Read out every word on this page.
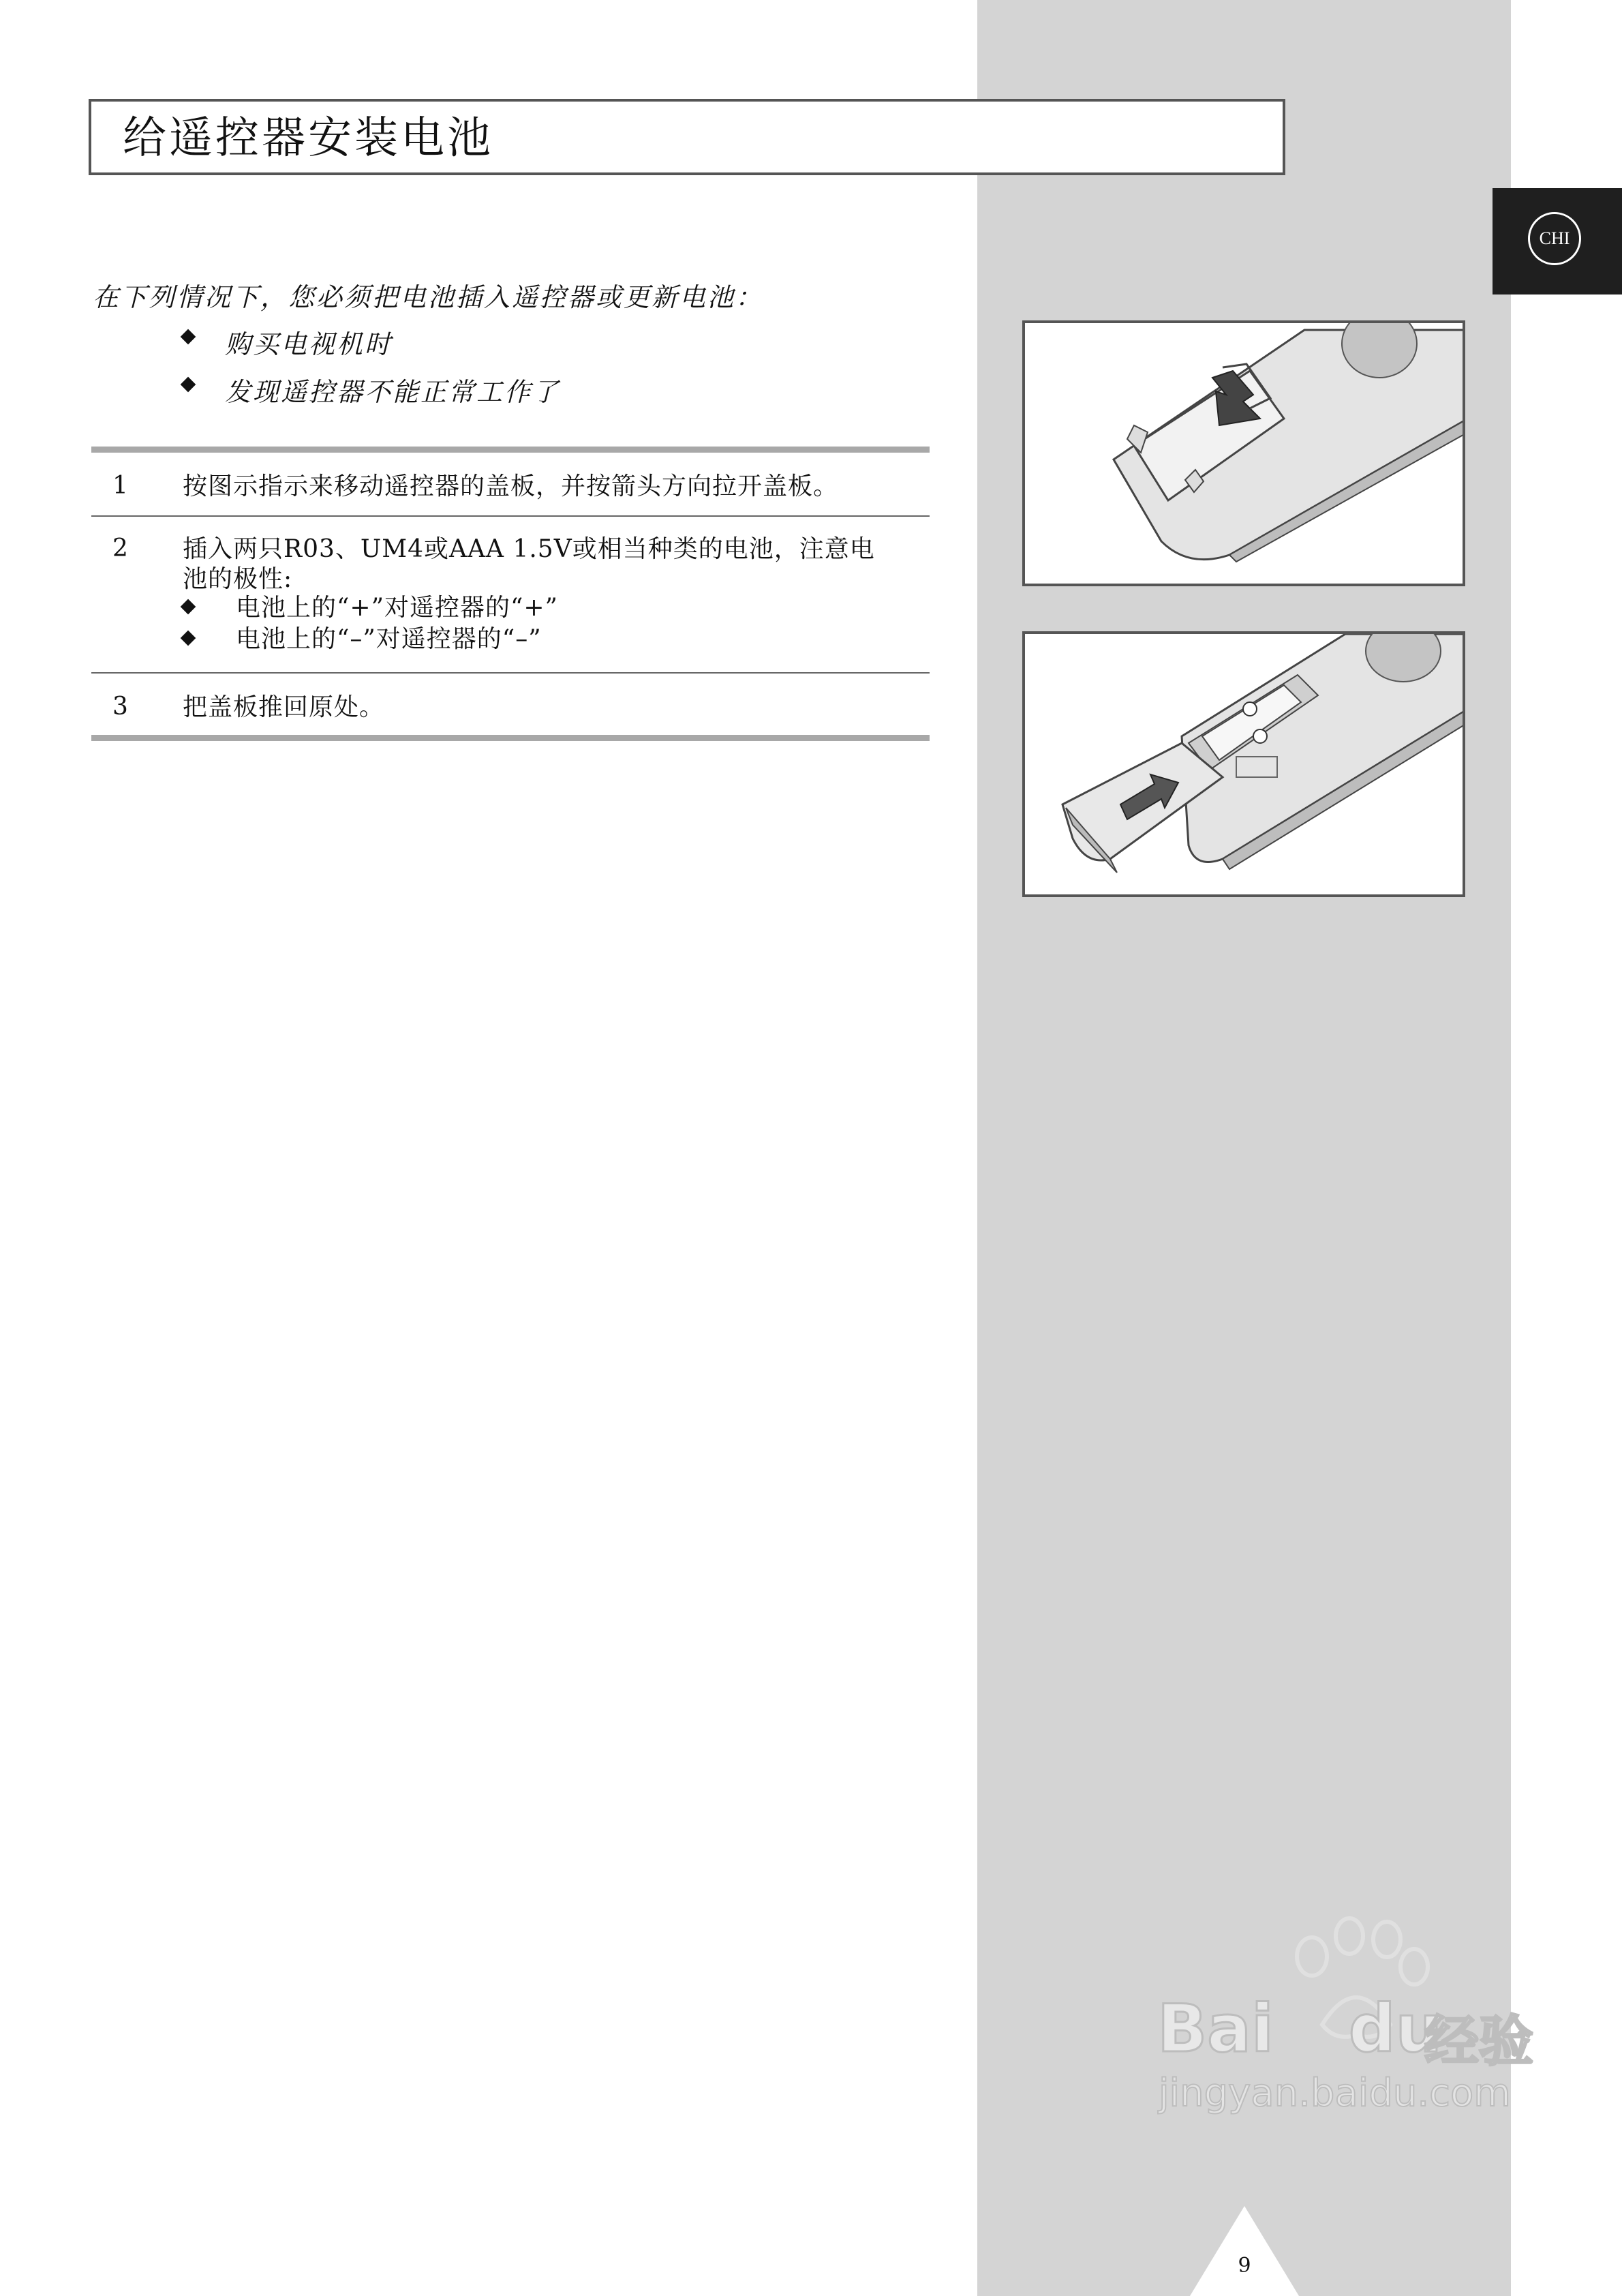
CHI
给遥控器安装电池
在下列情况下，您必须把电池插入遥控器或更新电池：
购买电视机时
发现遥控器不能正常工作了
1 按图示指示来移动遥控器的盖板，并按箭头方向拉开盖板。
2 插入两只R03、UM4或AAA 1.5V或相当种类的电池，注意电
池的极性:
电池上的“+”对遥控器的“+”
电池上的“–”对遥控器的“–”
3 把盖板推回原处。
Bai du
经验
jingyan.baidu.com
9
